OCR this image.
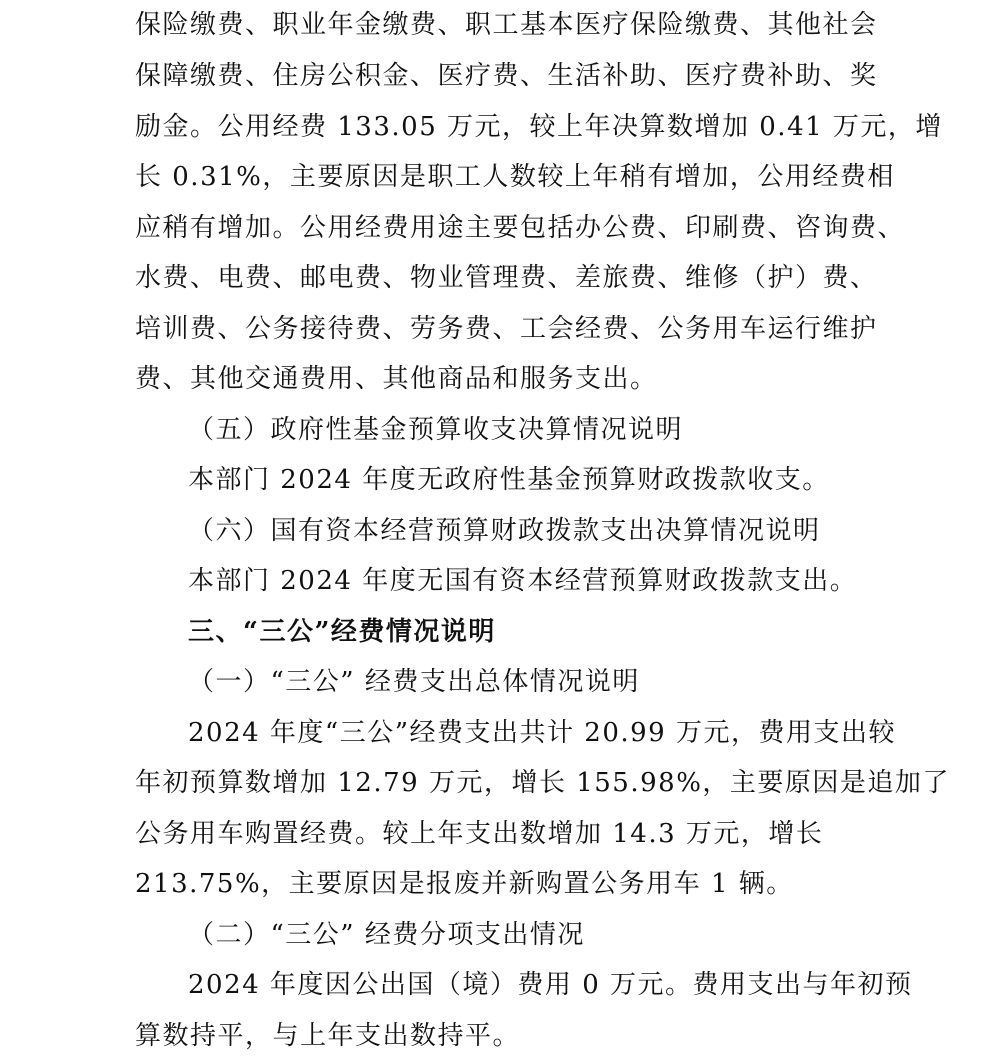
保险缴费、职业年金缴费、职工基本医疗保险缴费、其他社会
保障缴费、住房公积金、医疗费、生活补助、医疗费补助、奖
励金。公用经费 133.05 万元，较上年决算数增加 0.41 万元，增
长 0.31%，主要原因是职工人数较上年稍有增加，公用经费相
应稍有增加。公用经费用途主要包括办公费、印刷费、咨询费、
水费、电费、邮电费、物业管理费、差旅费、维修（护）费、
培训费、公务接待费、劳务费、工会经费、公务用车运行维护
费、其他交通费用、其他商品和服务支出。
（五）政府性基金预算收支决算情况说明
本部门 2024 年度无政府性基金预算财政拨款收支。
（六）国有资本经营预算财政拨款支出决算情况说明
本部门 2024 年度无国有资本经营预算财政拨款支出。
三、“三公”经费情况说明
（一）“三公” 经费支出总体情况说明
2024 年度“三公”经费支出共计 20.99 万元，费用支出较
年初预算数增加 12.79 万元，增长 155.98%，主要原因是追加了
公务用车购置经费。较上年支出数增加 14.3 万元，增长
213.75%，主要原因是报废并新购置公务用车 1 辆。
（二）“三公” 经费分项支出情况
2024 年度因公出国（境）费用 0 万元。费用支出与年初预
算数持平，与上年支出数持平。
